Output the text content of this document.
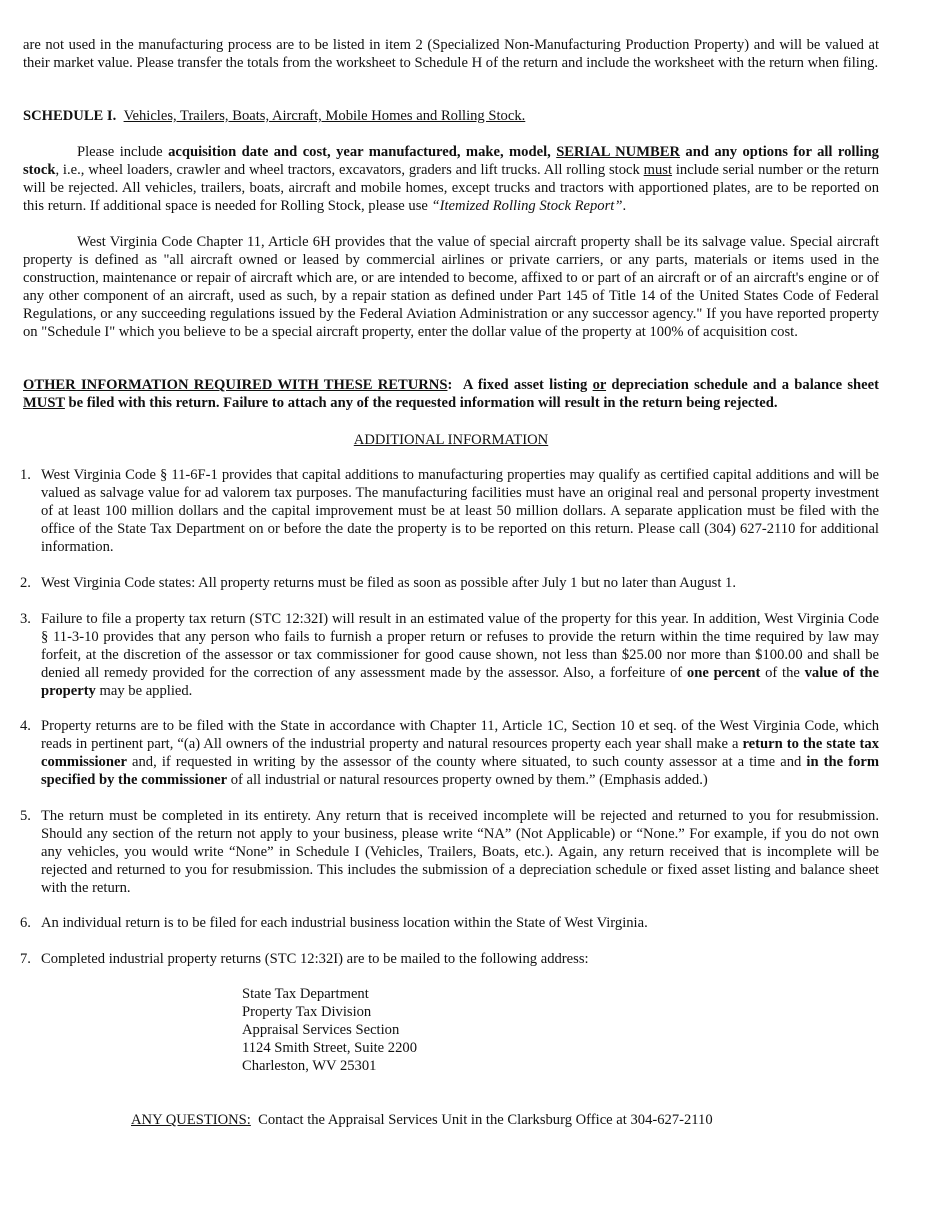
are not used in the manufacturing process are to be listed in item 2 (Specialized Non-Manufacturing Production Property) and will be valued at their market value. Please transfer the totals from the worksheet to Schedule H of the return and include the worksheet with the return when filing.

SCHEDULE I. Vehicles, Trailers, Boats, Aircraft, Mobile Homes and Rolling Stock.

Please include acquisition date and cost, year manufactured, make, model, SERIAL NUMBER and any options for all rolling stock, i.e., wheel loaders, crawler and wheel tractors, excavators, graders and lift trucks. All rolling stock must include serial number or the return will be rejected. All vehicles, trailers, boats, aircraft and mobile homes, except trucks and tractors with apportioned plates, are to be reported on this return. If additional space is needed for Rolling Stock, please use “Itemized Rolling Stock Report”.

West Virginia Code Chapter 11, Article 6H provides that the value of special aircraft property shall be its salvage value. Special aircraft property is defined as "all aircraft owned or leased by commercial airlines or private carriers, or any parts, materials or items used in the construction, maintenance or repair of aircraft which are, or are intended to become, affixed to or part of an aircraft or of an aircraft's engine or of any other component of an aircraft, used as such, by a repair station as defined under Part 145 of Title 14 of the United States Code of Federal Regulations, or any succeeding regulations issued by the Federal Aviation Administration or any successor agency." If you have reported property on "Schedule I" which you believe to be a special aircraft property, enter the dollar value of the property at 100% of acquisition cost.

OTHER INFORMATION REQUIRED WITH THESE RETURNS:  A fixed asset listing or depreciation schedule and a balance sheet MUST be filed with this return. Failure to attach any of the requested information will result in the return being rejected.

ADDITIONAL INFORMATION
1. West Virginia Code § 11-6F-1 provides that capital additions to manufacturing properties may qualify as certified capital additions and will be valued as salvage value for ad valorem tax purposes. The manufacturing facilities must have an original real and personal property investment of at least 100 million dollars and the capital improvement must be at least 50 million dollars. A separate application must be filed with the office of the State Tax Department on or before the date the property is to be reported on this return. Please call (304) 627-2110 for additional information.

2. West Virginia Code states: All property returns must be filed as soon as possible after July 1 but no later than August 1.

3. Failure to file a property tax return (STC 12:32I) will result in an estimated value of the property for this year. In addition, West Virginia Code § 11-3-10 provides that any person who fails to furnish a proper return or refuses to provide the return within the time required by law may forfeit, at the discretion of the assessor or tax commissioner for good cause shown, not less than $25.00 nor more than $100.00 and shall be denied all remedy provided for the correction of any assessment made by the assessor. Also, a forfeiture of one percent of the value of the property may be applied.

4. Property returns are to be filed with the State in accordance with Chapter 11, Article 1C, Section 10 et seq. of the West Virginia Code, which reads in pertinent part, “(a) All owners of the industrial property and natural resources property each year shall make a return to the state tax commissioner and, if requested in writing by the assessor of the county where situated, to such county assessor at a time and in the form specified by the commissioner of all industrial or natural resources property owned by them.” (Emphasis added.)

5. The return must be completed in its entirety. Any return that is received incomplete will be rejected and returned to you for resubmission. Should any section of the return not apply to your business, please write “NA” (Not Applicable) or “None.” For example, if you do not own any vehicles, you would write “None” in Schedule I (Vehicles, Trailers, Boats, etc.). Again, any return received that is incomplete will be rejected and returned to you for resubmission. This includes the submission of a depreciation schedule or fixed asset listing and balance sheet with the return.

6. An individual return is to be filed for each industrial business location within the State of West Virginia.

7. Completed industrial property returns (STC 12:32I) are to be mailed to the following address:

State Tax Department
Property Tax Division
Appraisal Services Section
1124 Smith Street, Suite 2200
Charleston, WV 25301
ANY QUESTIONS:  Contact the Appraisal Services Unit in the Clarksburg Office at 304-627-2110
